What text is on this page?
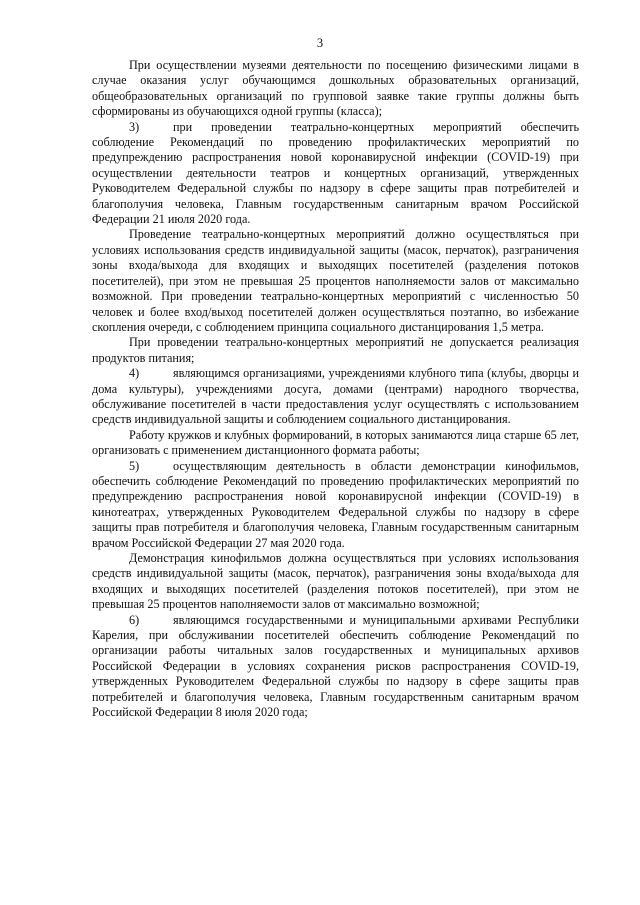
3

При осуществлении музеями деятельности по посещению физическими лицами в случае оказания услуг обучающимся дошкольных образовательных организаций, общеобразовательных организаций по групповой заявке такие группы должны быть сформированы из обучающихся одной группы (класса);

3)	при проведении театрально-концертных мероприятий обеспечить соблюдение Рекомендаций по проведению профилактических мероприятий по предупреждению распространения новой коронавирусной инфекции (COVID-19) при осуществлении деятельности театров и концертных организаций, утвержденных Руководителем Федеральной службы по надзору в сфере защиты прав потребителей и благополучия человека, Главным государственным санитарным врачом Российской Федерации 21 июля 2020 года.

Проведение театрально-концертных мероприятий должно осуществляться при условиях использования средств индивидуальной защиты (масок, перчаток), разграничения зоны входа/выхода для входящих и выходящих посетителей (разделения потоков посетителей), при этом не превышая 25 процентов наполняемости залов от максимально возможной. При проведении театрально-концертных мероприятий с численностью 50 человек и более вход/выход посетителей должен осуществляться поэтапно, во избежание скопления очереди, с соблюдением принципа социального дистанцирования 1,5 метра.

При проведении театрально-концертных мероприятий не допускается реализация продуктов питания;

4)	являющимся организациями, учреждениями клубного типа (клубы, дворцы и дома культуры), учреждениями досуга, домами (центрами) народного творчества, обслуживание посетителей в части предоставления услуг осуществлять с использованием средств индивидуальной защиты и соблюдением социального дистанцирования.

Работу кружков и клубных формирований, в которых занимаются лица старше 65 лет, организовать с применением дистанционного формата работы;

5)	осуществляющим деятельность в области демонстрации кинофильмов, обеспечить соблюдение Рекомендаций по проведению профилактических мероприятий по предупреждению распространения новой коронавирусной инфекции (COVID-19) в кинотеатрах, утвержденных Руководителем Федеральной службы по надзору в сфере защиты прав потребителя и благополучия человека, Главным государственным санитарным врачом Российской Федерации 27 мая 2020 года.

Демонстрация кинофильмов должна осуществляться при условиях использования средств индивидуальной защиты (масок, перчаток), разграничения зоны входа/выхода для входящих и выходящих посетителей (разделения потоков посетителей), при этом не превышая 25 процентов наполняемости залов от максимально возможной;

6)	являющимся государственными и муниципальными архивами Республики Карелия, при обслуживании посетителей обеспечить соблюдение Рекомендаций по организации работы читальных залов государственных и муниципальных архивов Российской Федерации в условиях сохранения рисков распространения COVID-19, утвержденных Руководителем Федеральной службы по надзору в сфере защиты прав потребителей и благополучия человека, Главным государственным санитарным врачом Российской Федерации 8 июля 2020 года;
